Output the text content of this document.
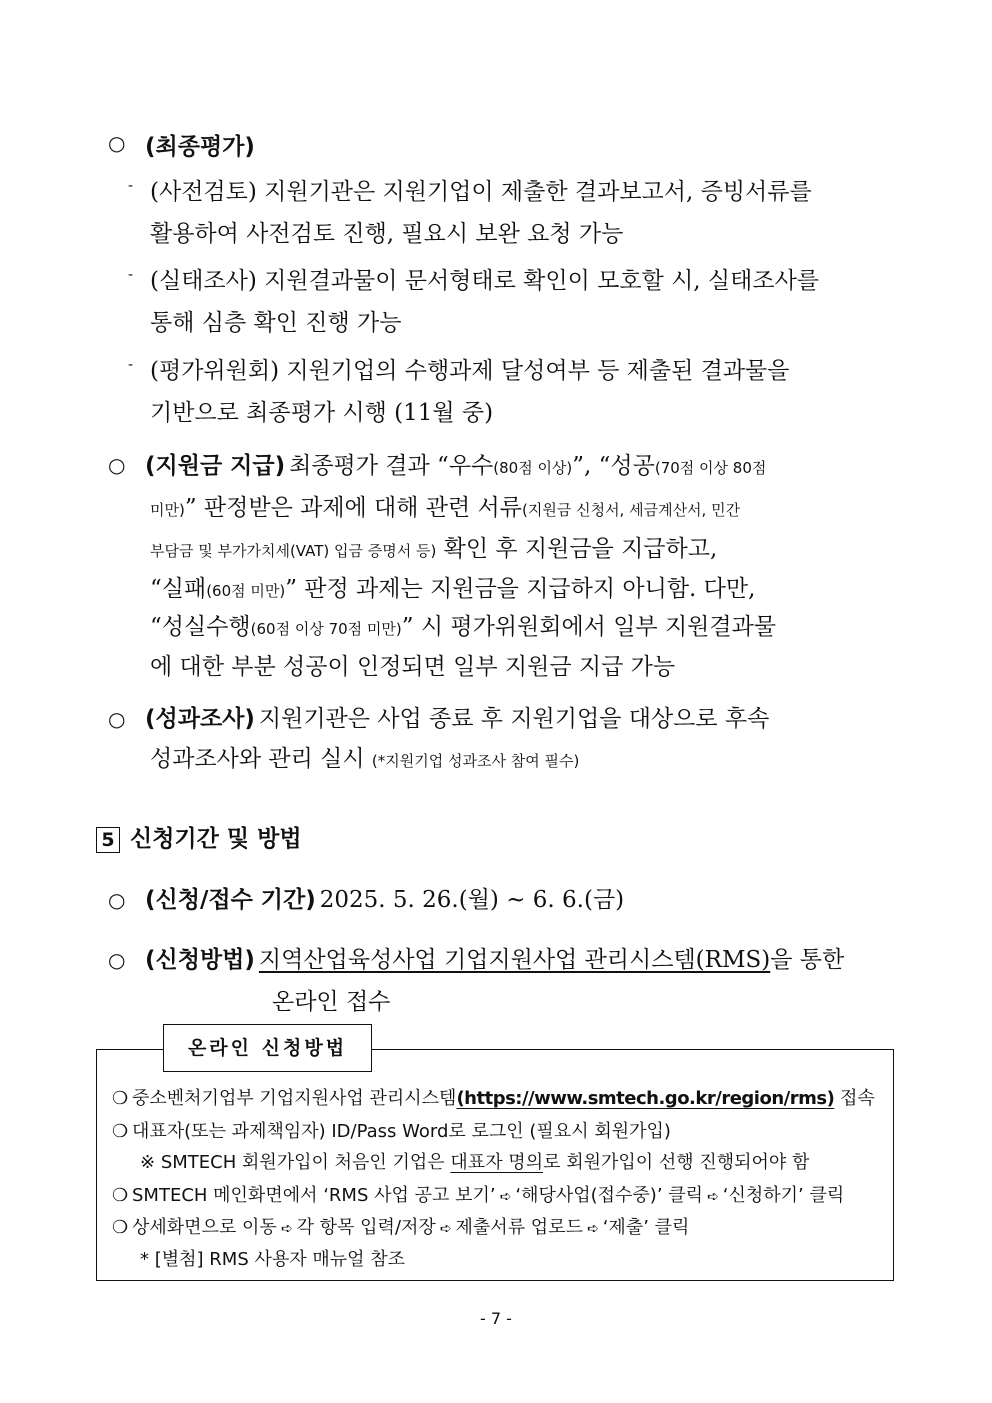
○ (최종평가)
- (사전검토) 지원기관은 지원기업이 제출한 결과보고서, 증빙서류를
활용하여 사전검토 진행, 필요시 보완 요청 가능
- (실태조사) 지원결과물이 문서형태로 확인이 모호할 시, 실태조사를
통해 심층 확인 진행 가능
- (평가위원회) 지원기업의 수행과제 달성여부 등 제출된 결과물을
기반으로 최종평가 시행 (11월 중)
○ (지원금 지급) 최종평가 결과 “우수(80점 이상)”, “성공(70점 이상 80점
미만)” 판정받은 과제에 대해 관련 서류(지원금 신청서, 세금계산서, 민간
부담금 및 부가가치세(VAT) 입금 증명서 등) 확인 후 지원금을 지급하고,
“실패(60점 미만)” 판정 과제는 지원금을 지급하지 아니함. 다만,
“성실수행(60점 이상 70점 미만)” 시 평가위원회에서 일부 지원결과물
에 대한 부분 성공이 인정되면 일부 지원금 지급 가능
○ (성과조사) 지원기관은 사업 종료 후 지원기업을 대상으로 후속
성과조사와 관리 실시 (*지원기업 성과조사 참여 필수)
5 신청기간 및 방법
○ (신청/접수 기간) 2025. 5. 26.(월) ~ 6. 6.(금)
○ (신청방법) 지역산업육성사업 기업지원사업 관리시스템(RMS)을 통한
온라인 접수
온라인 신청방법
❍ 중소벤처기업부 기업지원사업 관리시스템(https://www.smtech.go.kr/region/rms) 접속
❍ 대표자(또는 과제책임자) ID/Pass Word로 로그인 (필요시 회원가입)
※ SMTECH 회원가입이 처음인 기업은 대표자 명의로 회원가입이 선행 진행되어야 함
❍ SMTECH 메인화면에서 ‘RMS 사업 공고 보기’ ➪ ‘해당사업(접수중)’ 클릭 ➪ ‘신청하기’ 클릭
❍ 상세화면으로 이동 ➪ 각 항목 입력/저장 ➪ 제출서류 업로드 ➪ ‘제출’ 클릭
* [별첨] RMS 사용자 매뉴얼 참조
- 7 -
